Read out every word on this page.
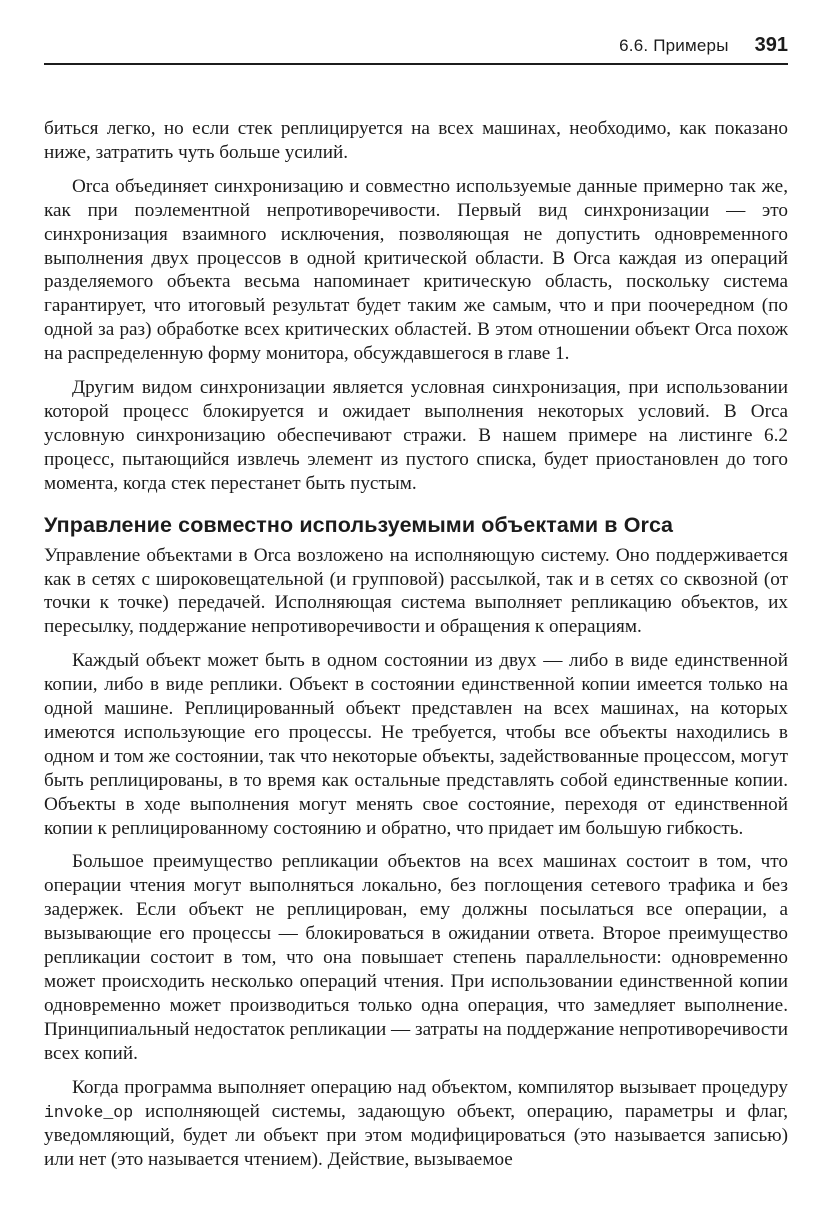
6.6. Примеры 391

биться легко, но если стек реплицируется на всех машинах, необходимо, как показано ниже, затратить чуть больше усилий.

Orca объединяет синхронизацию и совместно используемые данные примерно так же, как при поэлементной непротиворечивости. Первый вид синхронизации — это синхронизация взаимного исключения, позволяющая не допустить одновременного выполнения двух процессов в одной критической области. В Orca каждая из операций разделяемого объекта весьма напоминает критическую область, поскольку система гарантирует, что итоговый результат будет таким же самым, что и при поочередном (по одной за раз) обработке всех критических областей. В этом отношении объект Orca похож на распределенную форму монитора, обсуждавшегося в главе 1.

Другим видом синхронизации является условная синхронизация, при использовании которой процесс блокируется и ожидает выполнения некоторых условий. В Orca условную синхронизацию обеспечивают стражи. В нашем примере на листинге 6.2 процесс, пытающийся извлечь элемент из пустого списка, будет приостановлен до того момента, когда стек перестанет быть пустым.

Управление совместно используемыми объектами в Orca

Управление объектами в Orca возложено на исполняющую систему. Оно поддерживается как в сетях с широковещательной (и групповой) рассылкой, так и в сетях со сквозной (от точки к точке) передачей. Исполняющая система выполняет репликацию объектов, их пересылку, поддержание непротиворечивости и обращения к операциям.

Каждый объект может быть в одном состоянии из двух — либо в виде единственной копии, либо в виде реплики. Объект в состоянии единственной копии имеется только на одной машине. Реплицированный объект представлен на всех машинах, на которых имеются использующие его процессы. Не требуется, чтобы все объекты находились в одном и том же состоянии, так что некоторые объекты, задействованные процессом, могут быть реплицированы, в то время как остальные представлять собой единственные копии. Объекты в ходе выполнения могут менять свое состояние, переходя от единственной копии к реплицированному состоянию и обратно, что придает им большую гибкость.

Большое преимущество репликации объектов на всех машинах состоит в том, что операции чтения могут выполняться локально, без поглощения сетевого трафика и без задержек. Если объект не реплицирован, ему должны посылаться все операции, а вызывающие его процессы — блокироваться в ожидании ответа. Второе преимущество репликации состоит в том, что она повышает степень параллельности: одновременно может происходить несколько операций чтения. При использовании единственной копии одновременно может производиться только одна операция, что замедляет выполнение. Принципиальный недостаток репликации — затраты на поддержание непротиворечивости всех копий.

Когда программа выполняет операцию над объектом, компилятор вызывает процедуру invoke_op исполняющей системы, задающую объект, операцию, параметры и флаг, уведомляющий, будет ли объект при этом модифицироваться (это называется записью) или нет (это называется чтением). Действие, вызываемое
